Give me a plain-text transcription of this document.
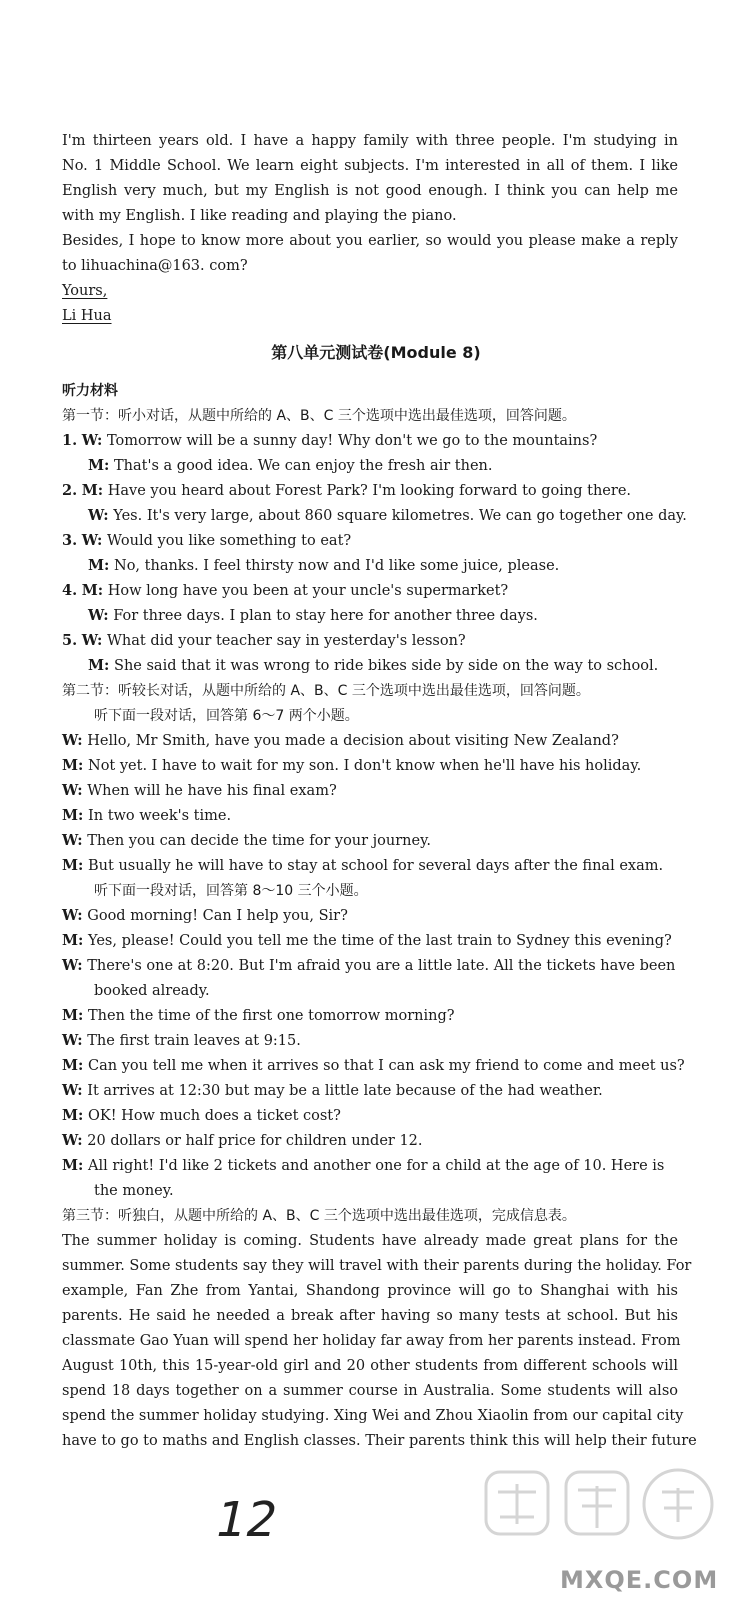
I'm thirteen years old. I have a happy family with three people. I'm studying in
No. 1 Middle School. We learn eight subjects. I'm interested in all of them. I like
English very much, but my English is not good enough. I think you can help me
with my English. I like reading and playing the piano.
Besides, I hope to know more about you earlier, so would you please make a reply
to lihuachina@163. com?
Yours,
Li Hua
第八单元测试卷(Module 8)
听力材料
第一节：听小对话，从题中所给的 A、B、C 三个选项中选出最佳选项，回答问题。
1. W: Tomorrow will be a sunny day! Why don't we go to the mountains?
M: That's a good idea. We can enjoy the fresh air then.
2. M: Have you heard about Forest Park? I'm looking forward to going there.
W: Yes. It's very large, about 860 square kilometres. We can go together one day.
3. W: Would you like something to eat?
M: No, thanks. I feel thirsty now and I'd like some juice, please.
4. M: How long have you been at your uncle's supermarket?
W: For three days. I plan to stay here for another three days.
5. W: What did your teacher say in yesterday's lesson?
M: She said that it was wrong to ride bikes side by side on the way to school.
第二节：听较长对话，从题中所给的 A、B、C 三个选项中选出最佳选项，回答问题。
听下面一段对话，回答第 6～7 两个小题。
W: Hello, Mr Smith, have you made a decision about visiting New Zealand?
M: Not yet. I have to wait for my son. I don't know when he'll have his holiday.
W: When will he have his final exam?
M: In two week's time.
W: Then you can decide the time for your journey.
M: But usually he will have to stay at school for several days after the final exam.
听下面一段对话，回答第 8～10 三个小题。
W: Good morning! Can I help you, Sir?
M: Yes, please! Could you tell me the time of the last train to Sydney this evening?
W: There's one at 8:20. But I'm afraid you are a little late. All the tickets have been
booked already.
M: Then the time of the first one tomorrow morning?
W: The first train leaves at 9:15.
M: Can you tell me when it arrives so that I can ask my friend to come and meet us?
W: It arrives at 12:30 but may be a little late because of the had weather.
M: OK! How much does a ticket cost?
W: 20 dollars or half price for children under 12.
M: All right! I'd like 2 tickets and another one for a child at the age of 10. Here is
the money.
第三节：听独白，从题中所给的 A、B、C 三个选项中选出最佳选项，完成信息表。
The summer holiday is coming. Students have already made great plans for the
summer. Some students say they will travel with their parents during the holiday. For
example, Fan Zhe from Yantai, Shandong province will go to Shanghai with his
parents. He said he needed a break after having so many tests at school. But his
classmate Gao Yuan will spend her holiday far away from her parents instead. From
August 10th, this 15-year-old girl and 20 other students from different schools will
spend 18 days together on a summer course in Australia. Some students will also
spend the summer holiday studying. Xing Wei and Zhou Xiaolin from our capital city
have to go to maths and English classes. Their parents think this will help their future
12
MXQE.COM
